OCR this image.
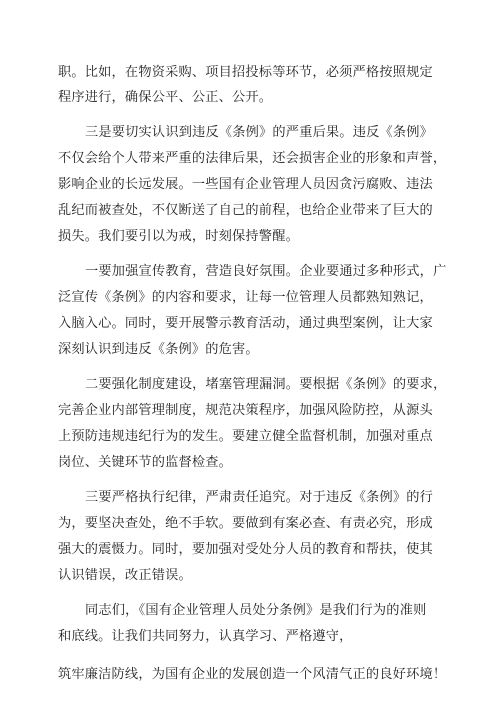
职。比如，在物资采购、项目招投标等环节，必须严格按照规定
程序进行，确保公平、公正、公开。
三是要切实认识到违反《条例》的严重后果。违反《条例》
不仅会给个人带来严重的法律后果，还会损害企业的形象和声誉，
影响企业的长远发展。一些国有企业管理人员因贪污腐败、违法
乱纪而被查处，不仅断送了自己的前程，也给企业带来了巨大的
损失。我们要引以为戒，时刻保持警醒。
一要加强宣传教育，营造良好氛围。企业要通过多种形式，广
泛宣传《条例》的内容和要求，让每一位管理人员都熟知熟记，
入脑入心。同时，要开展警示教育活动，通过典型案例，让大家
深刻认识到违反《条例》的危害。
二要强化制度建设，堵塞管理漏洞。要根据《条例》的要求，
完善企业内部管理制度，规范决策程序，加强风险防控，从源头
上预防违规违纪行为的发生。要建立健全监督机制，加强对重点
岗位、关键环节的监督检查。
三要严格执行纪律，严肃责任追究。对于违反《条例》的行
为，要坚决查处，绝不手软。要做到有案必查、有责必究，形成
强大的震慑力。同时，要加强对受处分人员的教育和帮扶，使其
认识错误，改正错误。
同志们，《国有企业管理人员处分条例》是我们行为的准则
和底线。让我们共同努力，认真学习、严格遵守，
筑牢廉洁防线，为国有企业的发展创造一个风清气正的良好环境！
